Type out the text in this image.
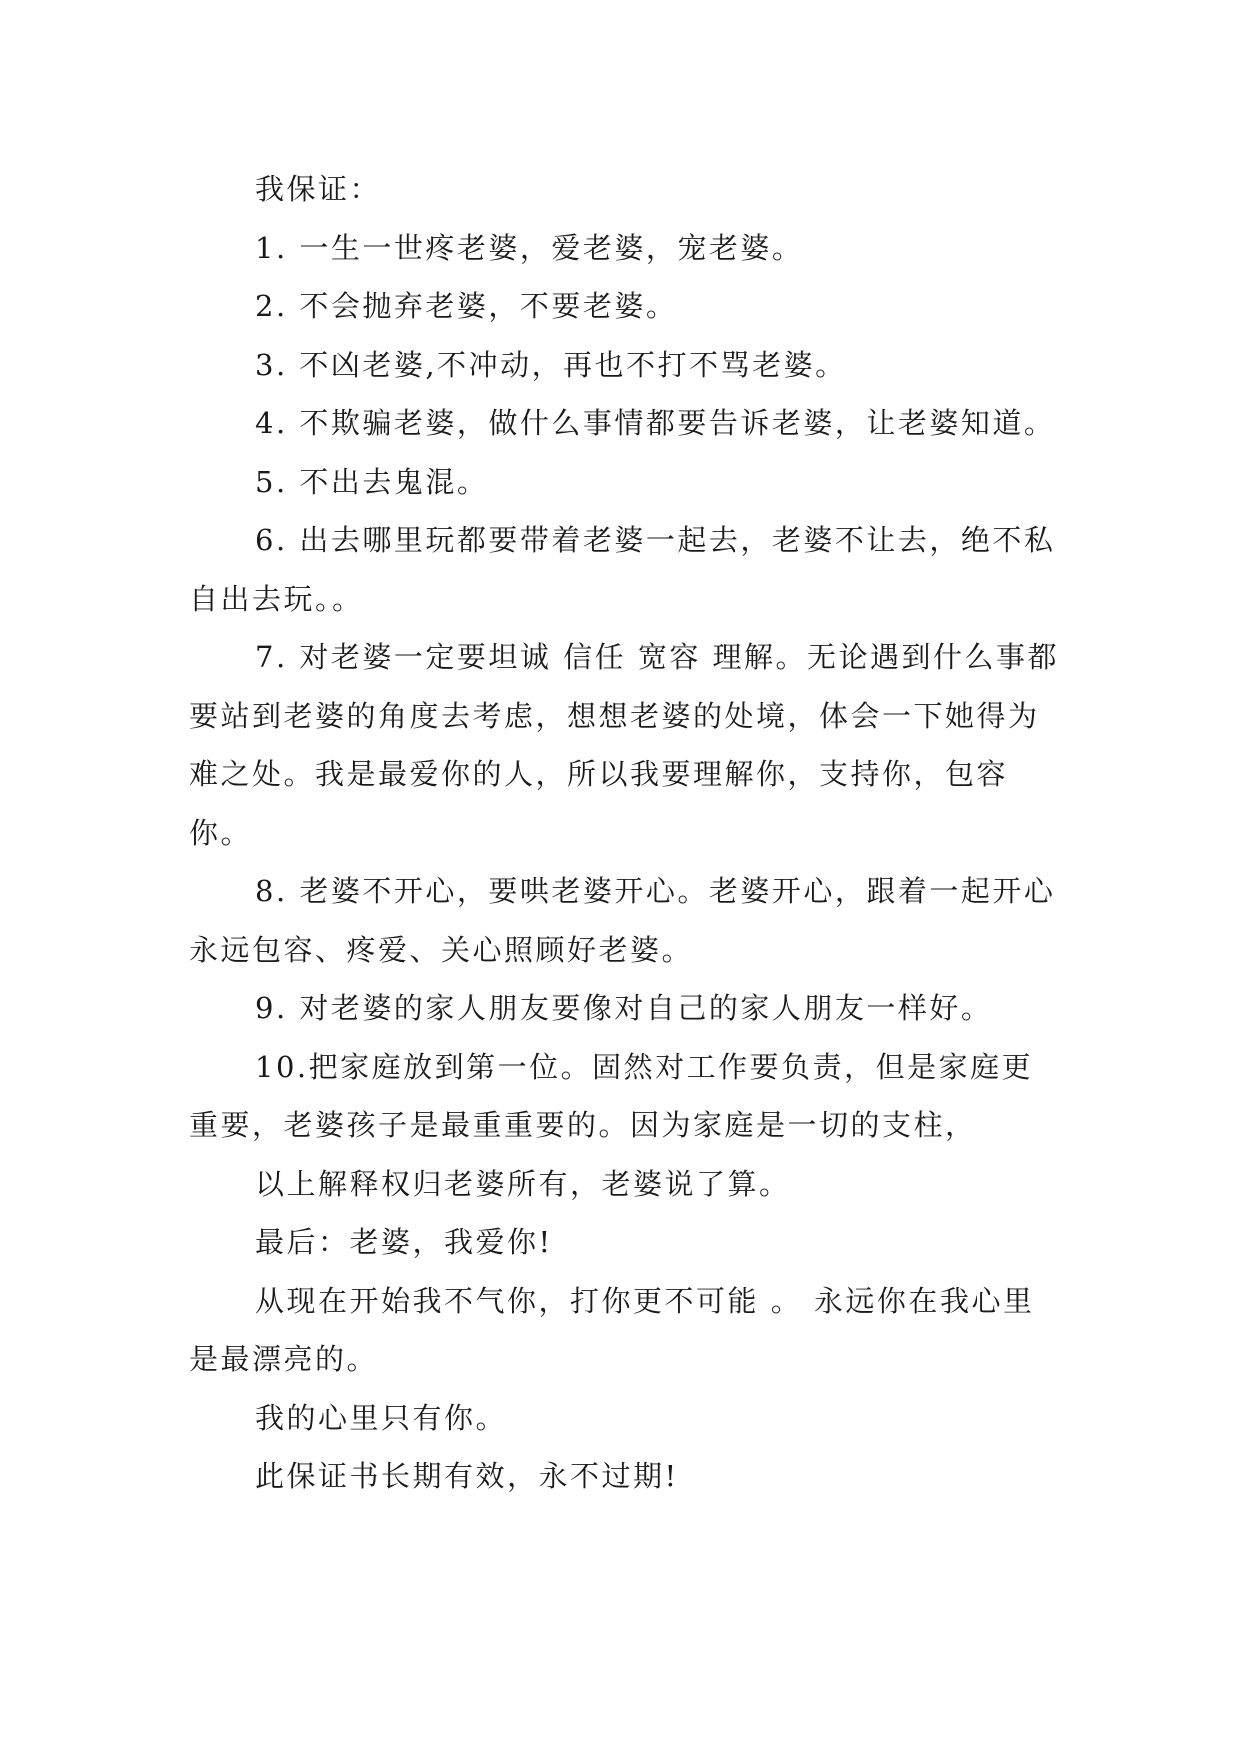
我保证：

1. 一生一世疼老婆，爱老婆，宠老婆。

2. 不会抛弃老婆，不要老婆。

3. 不凶老婆,不冲动，再也不打不骂老婆。

4. 不欺骗老婆，做什么事情都要告诉老婆，让老婆知道。

5. 不出去鬼混。

6. 出去哪里玩都要带着老婆一起去，老婆不让去，绝不私自出去玩。。

7. 对老婆一定要坦诚 信任 宽容 理解。无论遇到什么事都要站到老婆的角度去考虑，想想老婆的处境，体会一下她得为难之处。我是最爱你的人，所以我要理解你，支持你，包容你。

8. 老婆不开心，要哄老婆开心。老婆开心，跟着一起开心永远包容、疼爱、关心照顾好老婆。

9. 对老婆的家人朋友要像对自己的家人朋友一样好。

10.把家庭放到第一位。固然对工作要负责，但是家庭更重要，老婆孩子是最重重要的。因为家庭是一切的支柱，

以上解释权归老婆所有，老婆说了算。

最后：老婆，我爱你!

从现在开始我不气你，打你更不可能 。 永远你在我心里是最漂亮的。

我的心里只有你。

此保证书长期有效，永不过期!
